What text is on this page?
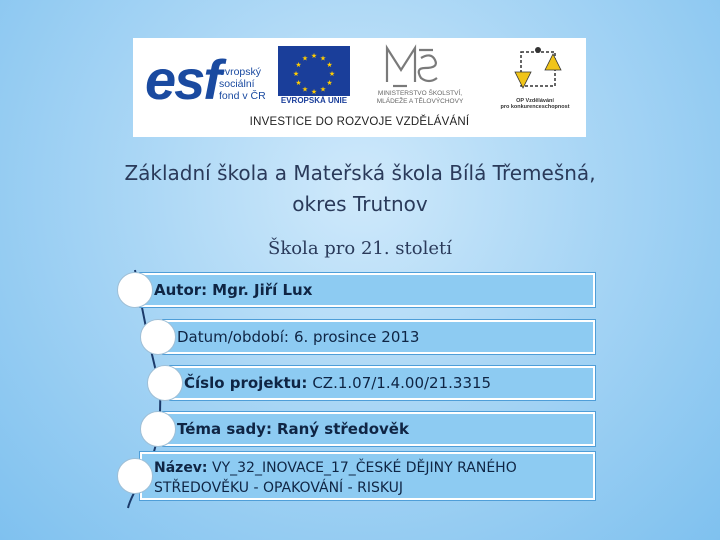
esf evropský
sociální
fond v ČR
★ ★
★
★
★
★
★
★
★
★
★
★
EVROPSKÁ UNIE
MINISTERSTVO ŠKOLSTVÍ,
MLÁDEŽE A TĚLOVÝCHOVY	OP Vzdělávání
pro konkurenceschopnost
INVESTICE DO ROZVOJE VZDĚLÁVÁNÍ
Základní škola a Mateřská škola Bílá Třemešná, okres Trutnov
Škola pro 21. století
Autor: Mgr. Jiří Lux
Datum/období: 6. prosince 2013
Číslo projektu: CZ.1.07/1.4.00/21.3315
Téma sady: Raný středověk
Název: VY_32_INOVACE_17_ČESKÉ DĚJINY RANÉHO STŘEDOVĚKU - OPAKOVÁNÍ - RISKUJ
